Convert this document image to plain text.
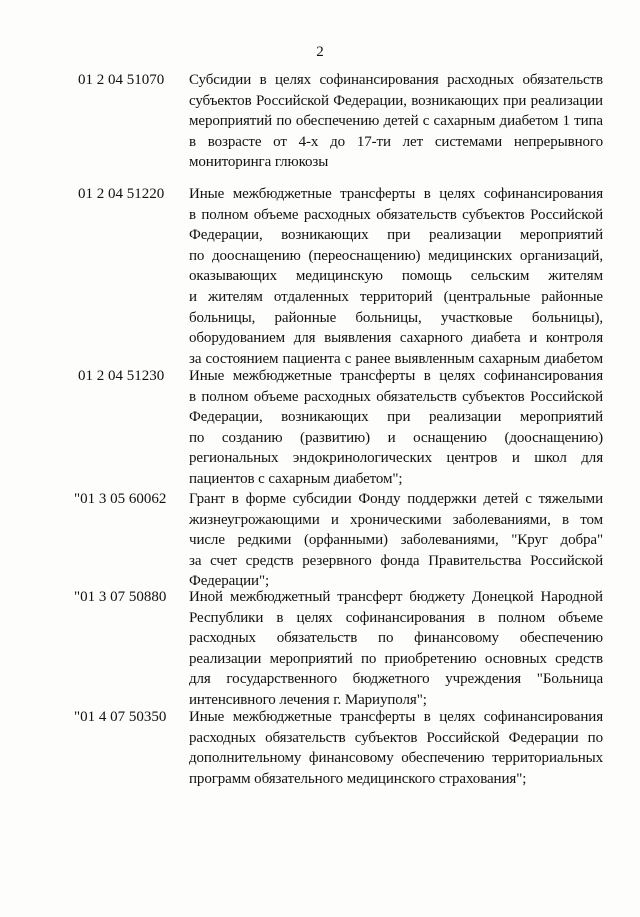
2
01 2 04 51070 Субсидии в целях софинансирования расходных обязательств
субъектов Российской Федерации, возникающих при реализации
мероприятий по обеспечению детей с сахарным диабетом 1 типа
в возрасте от 4-х до 17-ти лет системами непрерывного
мониторинга глюкозы
01 2 04 51220 Иные межбюджетные трансферты в целях софинансирования
в полном объеме расходных обязательств субъектов Российской
Федерации, возникающих при реализации мероприятий
по дооснащению (переоснащению) медицинских организаций,
оказывающих медицинскую помощь сельским жителям
и жителям отдаленных территорий (центральные районные
больницы, районные больницы, участковые больницы),
оборудованием для выявления сахарного диабета и контроля
за состоянием пациента с ранее выявленным сахарным диабетом
01 2 04 51230 Иные межбюджетные трансферты в целях софинансирования
в полном объеме расходных обязательств субъектов Российской
Федерации, возникающих при реализации мероприятий
по созданию (развитию) и оснащению (дооснащению)
региональных эндокринологических центров и школ для
пациентов с сахарным диабетом";
"01 3 05 60062 Грант в форме субсидии Фонду поддержки детей с тяжелыми
жизнеугрожающими и хроническими заболеваниями, в том
числе редкими (орфанными) заболеваниями, "Круг добра"
за счет средств резервного фонда Правительства Российской
Федерации";
"01 3 07 50880 Иной межбюджетный трансферт бюджету Донецкой Народной
Республики в целях софинансирования в полном объеме
расходных обязательств по финансовому обеспечению
реализации мероприятий по приобретению основных средств
для государственного бюджетного учреждения "Больница
интенсивного лечения г. Мариуполя";
"01 4 07 50350 Иные межбюджетные трансферты в целях софинансирования
расходных обязательств субъектов Российской Федерации по
дополнительному финансовому обеспечению территориальных
программ обязательного медицинского страхования";
